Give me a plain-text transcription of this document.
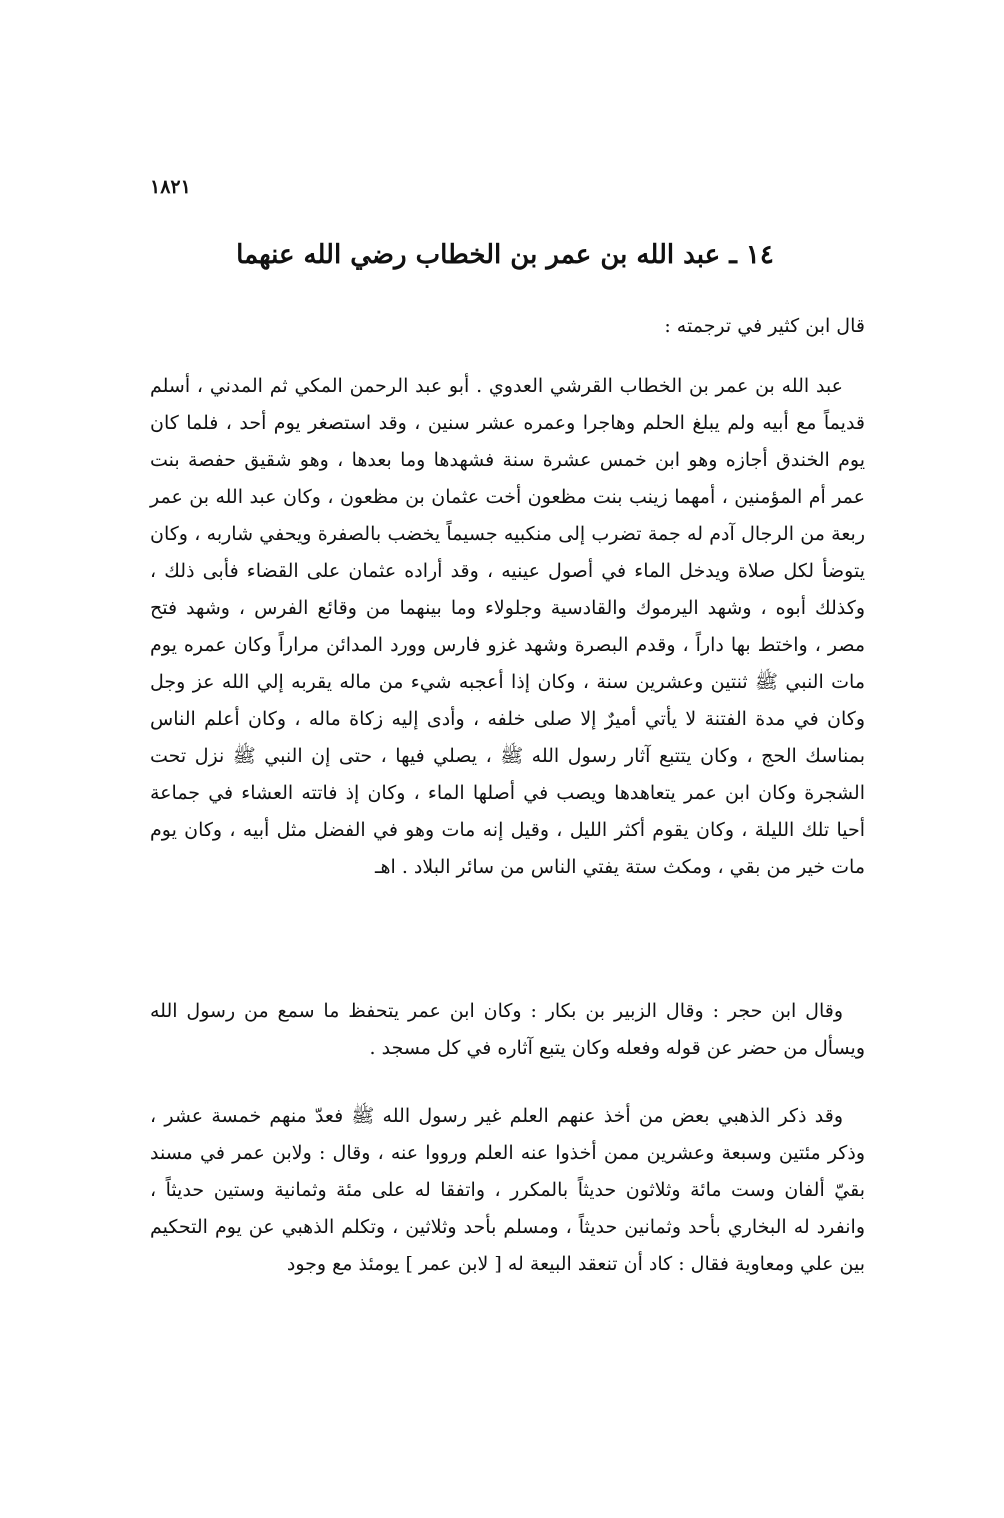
١٨٢١
١٤ ـ عبد الله بن عمر بن الخطاب رضي الله عنهما
قال ابن كثير في ترجمته :
عبد الله بن عمر بن الخطاب القرشي العدوي . أبو عبد الرحمن المكي ثم المدني ، أسلم قديماً مع أبيه ولم يبلغ الحلم وهاجرا وعمره عشر سنين ، وقد استصغر يوم أحد ، فلما كان يوم الخندق أجازه وهو ابن خمس عشرة سنة فشهدها وما بعدها ، وهو شقيق حفصة بنت عمر أم المؤمنين ، أمهما زينب بنت مظعون أخت عثمان بن مظعون ، وكان عبد الله بن عمر ربعة من الرجال آدم له جمة تضرب إلى منكبيه جسيماً يخضب بالصفرة ويحفي شاربه ، وكان يتوضأ لكل صلاة ويدخل الماء في أصول عينيه ، وقد أراده عثمان على القضاء فأبى ذلك ، وكذلك أبوه ، وشهد اليرموك والقادسية وجلولاء وما بينهما من وقائع الفرس ، وشهد فتح مصر ، واختط بها داراً ، وقدم البصرة وشهد غزو فارس وورد المدائن مراراً وكان عمره يوم مات النبي ﷺ ثنتين وعشرين سنة ، وكان إذا أعجبه شيء من ماله يقربه إلي الله عز وجل وكان في مدة الفتنة لا يأتي أميرٌ إلا صلى خلفه ، وأدى إليه زكاة ماله ، وكان أعلم الناس بمناسك الحج ، وكان يتتبع آثار رسول الله ﷺ ، يصلي فيها ، حتى إن النبي ﷺ نزل تحت الشجرة وكان ابن عمر يتعاهدها ويصب في أصلها الماء ، وكان إذ فاتته العشاء في جماعة أحيا تلك الليلة ، وكان يقوم أكثر الليل ، وقيل إنه مات وهو في الفضل مثل أبيه ، وكان يوم مات خير من بقي ، ومكث ستة يفتي الناس من سائر البلاد . اهـ
وقال ابن حجر : وقال الزبير بن بكار : وكان ابن عمر يتحفظ ما سمع من رسول الله ويسأل من حضر عن قوله وفعله وكان يتبع آثاره في كل مسجد .
وقد ذكر الذهبي بعض من أخذ عنهم العلم غير رسول الله ﷺ فعدّ منهم خمسة عشر ، وذكر مئتين وسبعة وعشرين ممن أخذوا عنه العلم ورووا عنه ، وقال : ولابن عمر في مسند بقيّ ألفان وست مائة وثلاثون حديثاً بالمكرر ، واتفقا له على مئة وثمانية وستين حديثاً ، وانفرد له البخاري بأحد وثمانين حديثاً ، ومسلم بأحد وثلاثين ، وتكلم الذهبي عن يوم التحكيم بين علي ومعاوية فقال : كاد أن تنعقد البيعة له [ لابن عمر ] يومئذ مع وجود
